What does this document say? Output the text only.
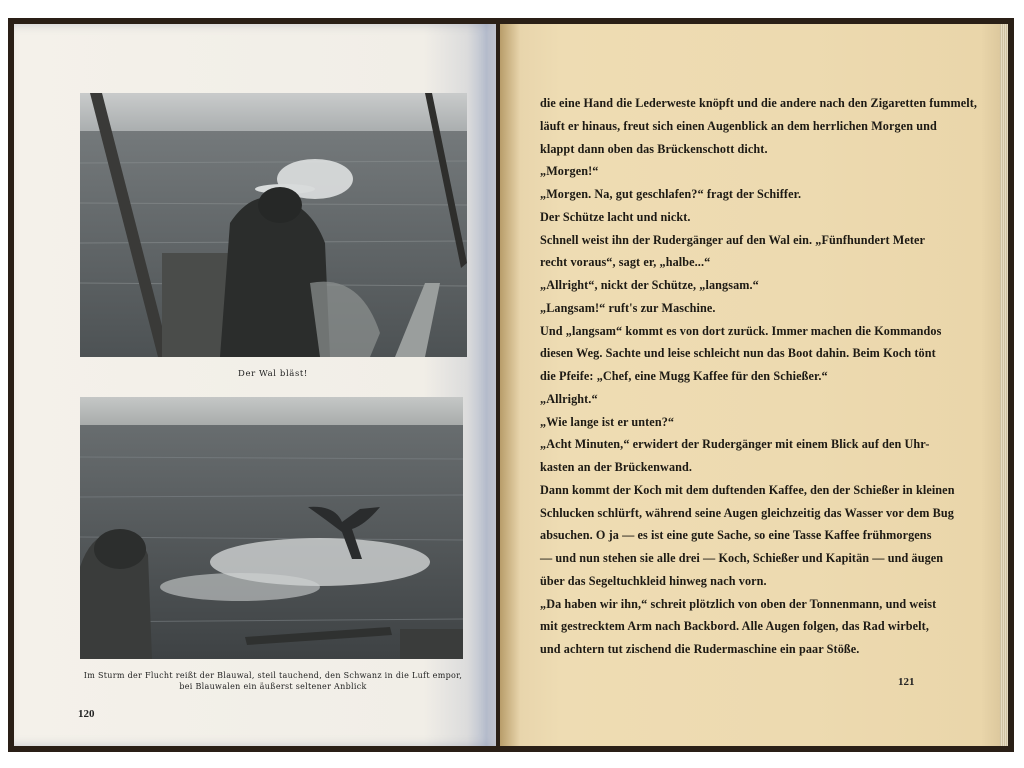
Der Wal bläst!
Im Sturm der Flucht reißt der Blauwal, steil tauchend, den Schwanz in die Luft empor,
bei Blauwalen ein äußerst seltener Anblick
120

die eine Hand die Lederweste knöpft und die andere nach den Zigaretten fummelt,

läuft er hinaus, freut sich einen Augenblick an dem herrlichen Morgen und

klappt dann oben das Brückenschott dicht.

„Morgen!“

„Morgen. Na, gut geschlafen?“ fragt der Schiffer.

Der Schütze lacht und nickt.

Schnell weist ihn der Rudergänger auf den Wal ein. „Fünfhundert Meter

recht voraus“, sagt er, „halbe...“

„Allright“, nickt der Schütze, „langsam.“

„Langsam!“ ruft's zur Maschine.

Und „langsam“ kommt es von dort zurück. Immer machen die Kommandos

diesen Weg. Sachte und leise schleicht nun das Boot dahin. Beim Koch tönt

die Pfeife: „Chef, eine Mugg Kaffee für den Schießer.“

„Allright.“

„Wie lange ist er unten?“

„Acht Minuten,“ erwidert der Rudergänger mit einem Blick auf den Uhr-

kasten an der Brückenwand.

Dann kommt der Koch mit dem duftenden Kaffee, den der Schießer in kleinen

Schlucken schlürft, während seine Augen gleichzeitig das Wasser vor dem Bug

absuchen. O ja — es ist eine gute Sache, so eine Tasse Kaffee frühmorgens

— und nun stehen sie alle drei — Koch, Schießer und Kapitän — und äugen

über das Segeltuchkleid hinweg nach vorn.

„Da haben wir ihn,“ schreit plötzlich von oben der Tonnenmann, und weist

mit gestrecktem Arm nach Backbord. Alle Augen folgen, das Rad wirbelt,

und achtern tut zischend die Rudermaschine ein paar Stöße.

121
